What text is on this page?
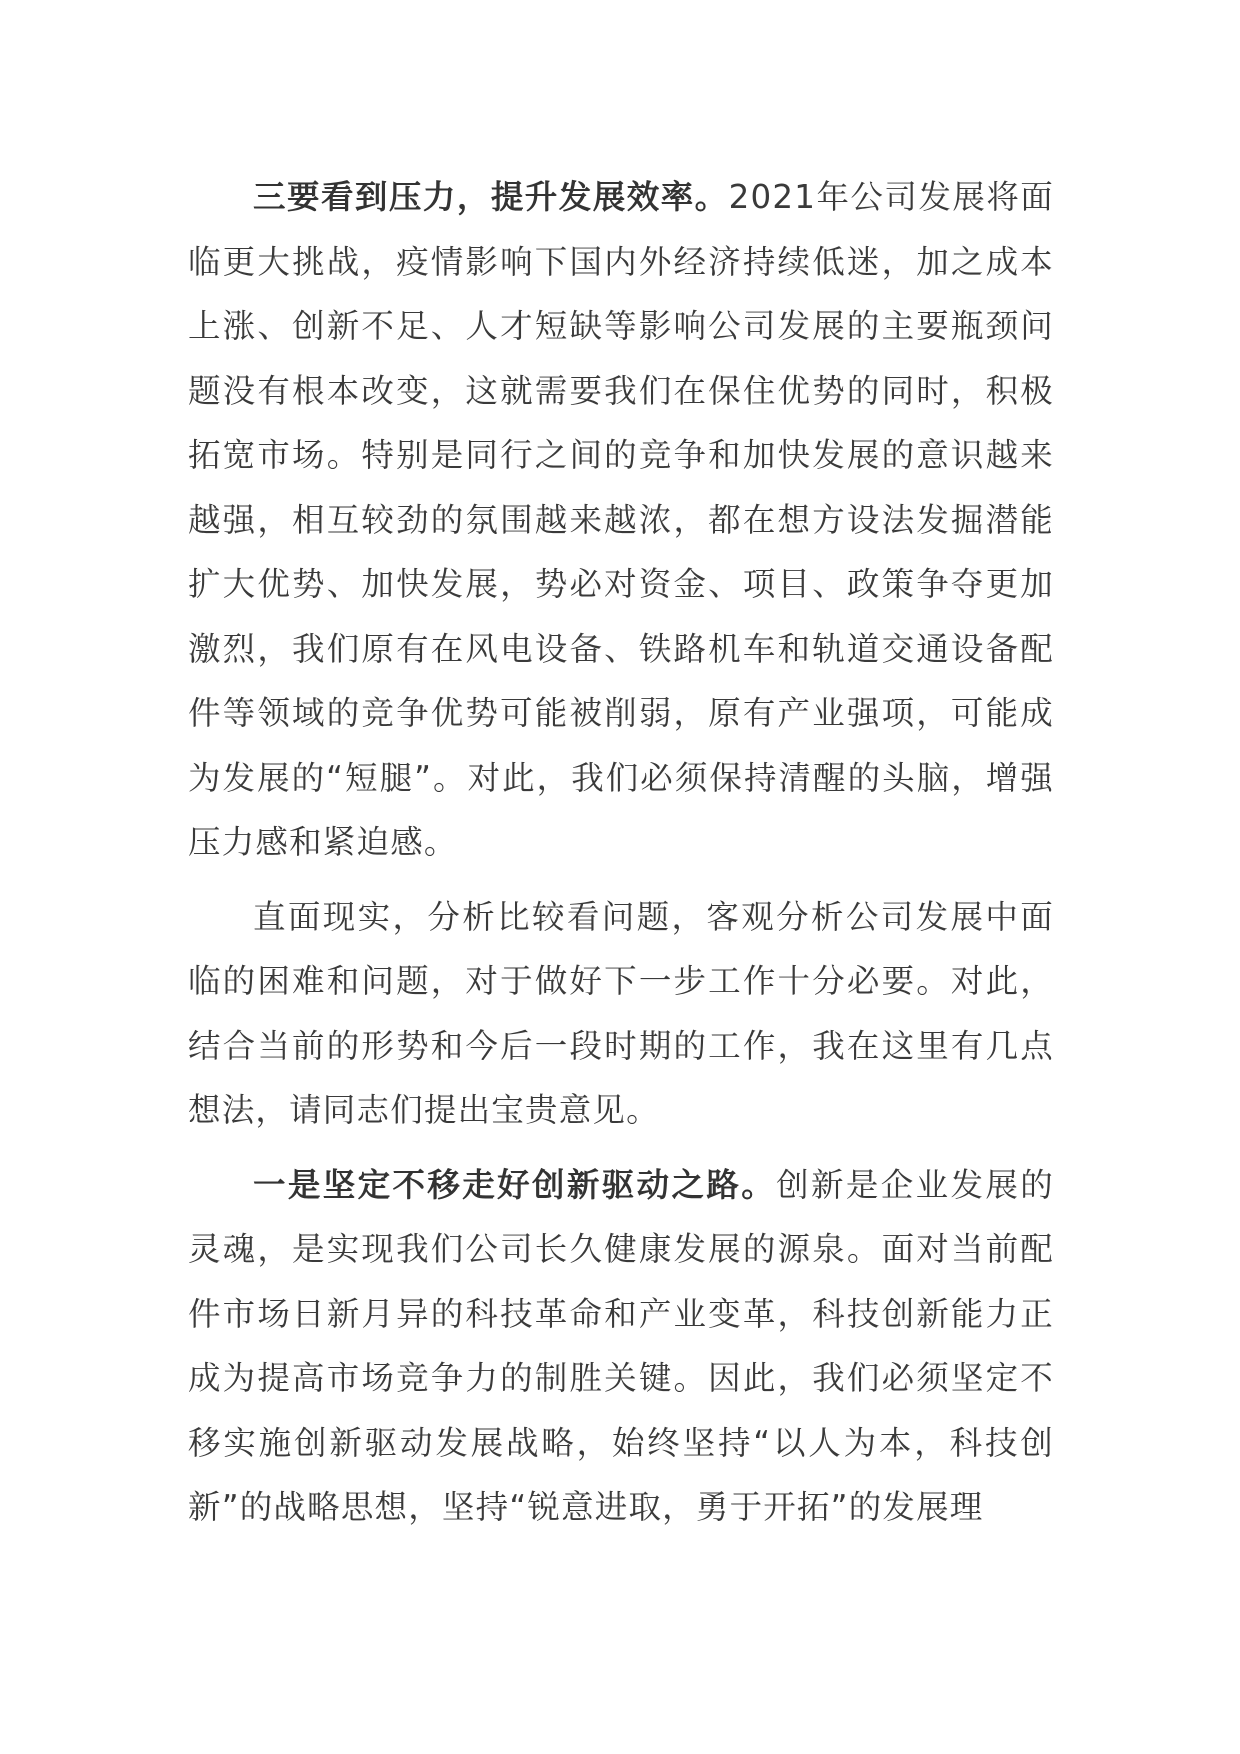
三要看到压力，提升发展效率。2021年公司发展将面临更大挑战，疫情影响下国内外经济持续低迷，加之成本上涨、创新不足、人才短缺等影响公司发展的主要瓶颈问题没有根本改变，这就需要我们在保住优势的同时，积极拓宽市场。特别是同行之间的竞争和加快发展的意识越来越强，相互较劲的氛围越来越浓，都在想方设法发掘潜能扩大优势、加快发展，势必对资金、项目、政策争夺更加激烈，我们原有在风电设备、铁路机车和轨道交通设备配件等领域的竞争优势可能被削弱，原有产业强项，可能成为发展的“短腿”。对此，我们必须保持清醒的头脑，增强压力感和紧迫感。

直面现实，分析比较看问题，客观分析公司发展中面临的困难和问题，对于做好下一步工作十分必要。对此，结合当前的形势和今后一段时期的工作，我在这里有几点想法，请同志们提出宝贵意见。

一是坚定不移走好创新驱动之路。创新是企业发展的灵魂，是实现我们公司长久健康发展的源泉。面对当前配件市场日新月异的科技革命和产业变革，科技创新能力正成为提高市场竞争力的制胜关键。因此，我们必须坚定不移实施创新驱动发展战略，始终坚持“以人为本，科技创新”的战略思想，坚持“锐意进取，勇于开拓”的发展理
